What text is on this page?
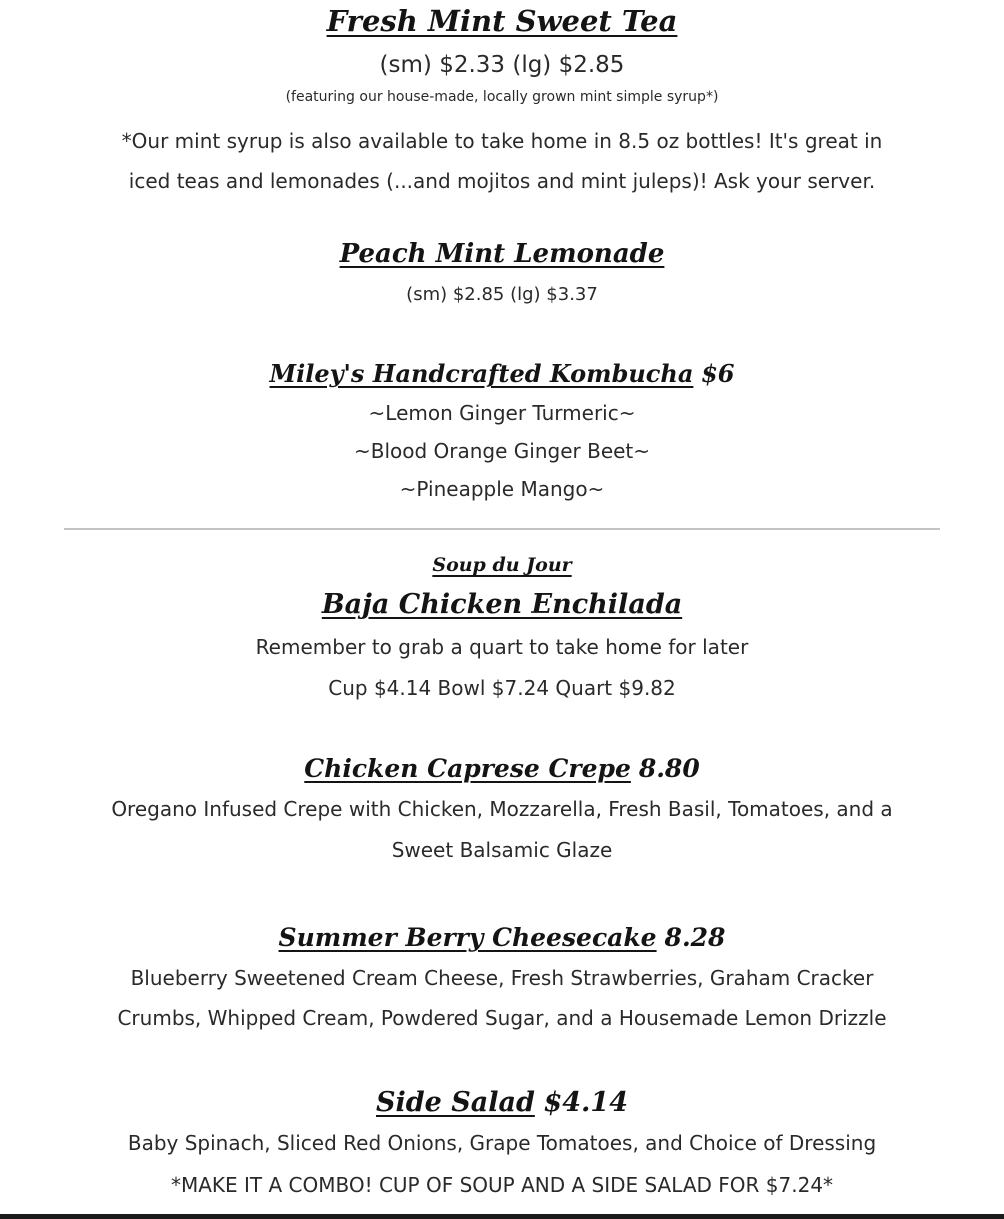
Fresh Mint Sweet Tea
(sm) $2.33 (lg) $2.85
(featuring our house-made, locally grown mint simple syrup*)
*Our mint syrup is also available to take home in 8.5 oz bottles! It's great in
iced teas and lemonades (...and mojitos and mint juleps)! Ask your server.
Peach Mint Lemonade
(sm) $2.85 (lg) $3.37
Miley's Handcrafted Kombucha $6
~Lemon Ginger Turmeric~
~Blood Orange Ginger Beet~
~Pineapple Mango~
Soup du Jour
Baja Chicken Enchilada
Remember to grab a quart to take home for later
Cup $4.14 Bowl $7.24 Quart $9.82
Chicken Caprese Crepe 8.80
Oregano Infused Crepe with Chicken, Mozzarella, Fresh Basil, Tomatoes, and a
Sweet Balsamic Glaze
Summer Berry Cheesecake 8.28
Blueberry Sweetened Cream Cheese, Fresh Strawberries, Graham Cracker
Crumbs, Whipped Cream, Powdered Sugar, and a Housemade Lemon Drizzle
Side Salad $4.14
Baby Spinach, Sliced Red Onions, Grape Tomatoes, and Choice of Dressing
*MAKE IT A COMBO! CUP OF SOUP AND A SIDE SALAD FOR $7.24*
